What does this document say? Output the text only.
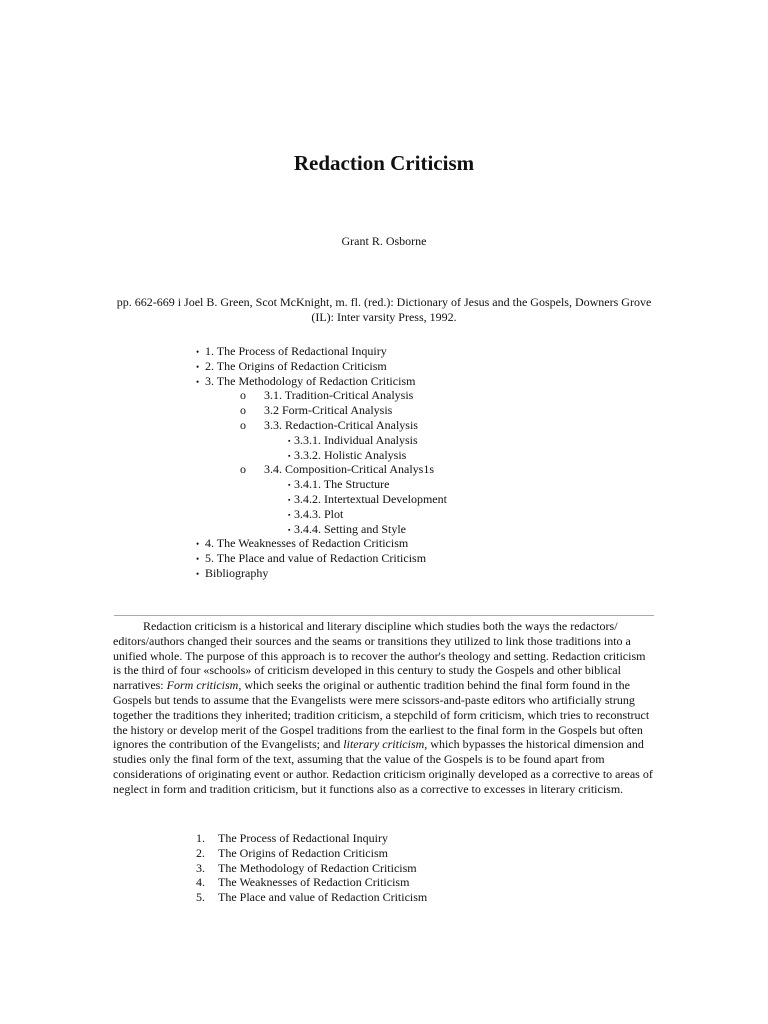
Redaction Criticism
Grant R. Osborne
pp. 662-669 i Joel B. Green, Scot McKnight, m. fl. (red.): Dictionary of Jesus and the Gospels, Downers Grove (IL): Inter varsity Press, 1992.
• 1. The Process of Redactional Inquiry
• 2. The Origins of Redaction Criticism
• 3. The Methodology of Redaction Criticism
o	3.1. Tradition-Critical Analysis
o	3.2 Form-Critical Analysis
o	3.3. Redaction-Critical Analysis
▪ 3.3.1. Individual Analysis
▪ 3.3.2. Holistic Analysis
o	3.4. Composition-Critical Analys1s
▪ 3.4.1. The Structure
▪ 3.4.2. Intertextual Development
▪ 3.4.3. Plot
▪ 3.4.4. Setting and Style
• 4. The Weaknesses of Redaction Criticism
• 5. The Place and value of Redaction Criticism
• Bibliography

Redaction criticism is a historical and literary discipline which studies both the ways the redactors/ editors/authors changed their sources and the seams or transitions they utilized to link those traditions into a unified whole. The purpose of this approach is to recover the author's theology and setting. Redaction criticism is the third of four «schools» of criticism developed in this century to study the Gospels and other biblical narratives: Form criticism, which seeks the original or authentic tradition behind the final form found in the Gospels but tends to assume that the Evangelists were mere scissors-and-paste editors who artificially strung together the traditions they inherited; tradition criticism, a stepchild of form criticism, which tries to reconstruct the history or develop merit of the Gospel traditions from the earliest to the final form in the Gospels but often ignores the contribution of the Evangelists; and literary criticism, which bypasses the historical dimension and studies only the final form of the text, assuming that the value of the Gospels is to be found apart from considerations of originating event or author. Redaction criticism originally developed as a corrective to areas of neglect in form and tradition criticism, but it functions also as a corrective to excesses in literary criticism.

1. The Process of Redactional Inquiry
2. The Origins of Redaction Criticism
3. The Methodology of Redaction Criticism
4. The Weaknesses of Redaction Criticism
5. The Place and value of Redaction Criticism
